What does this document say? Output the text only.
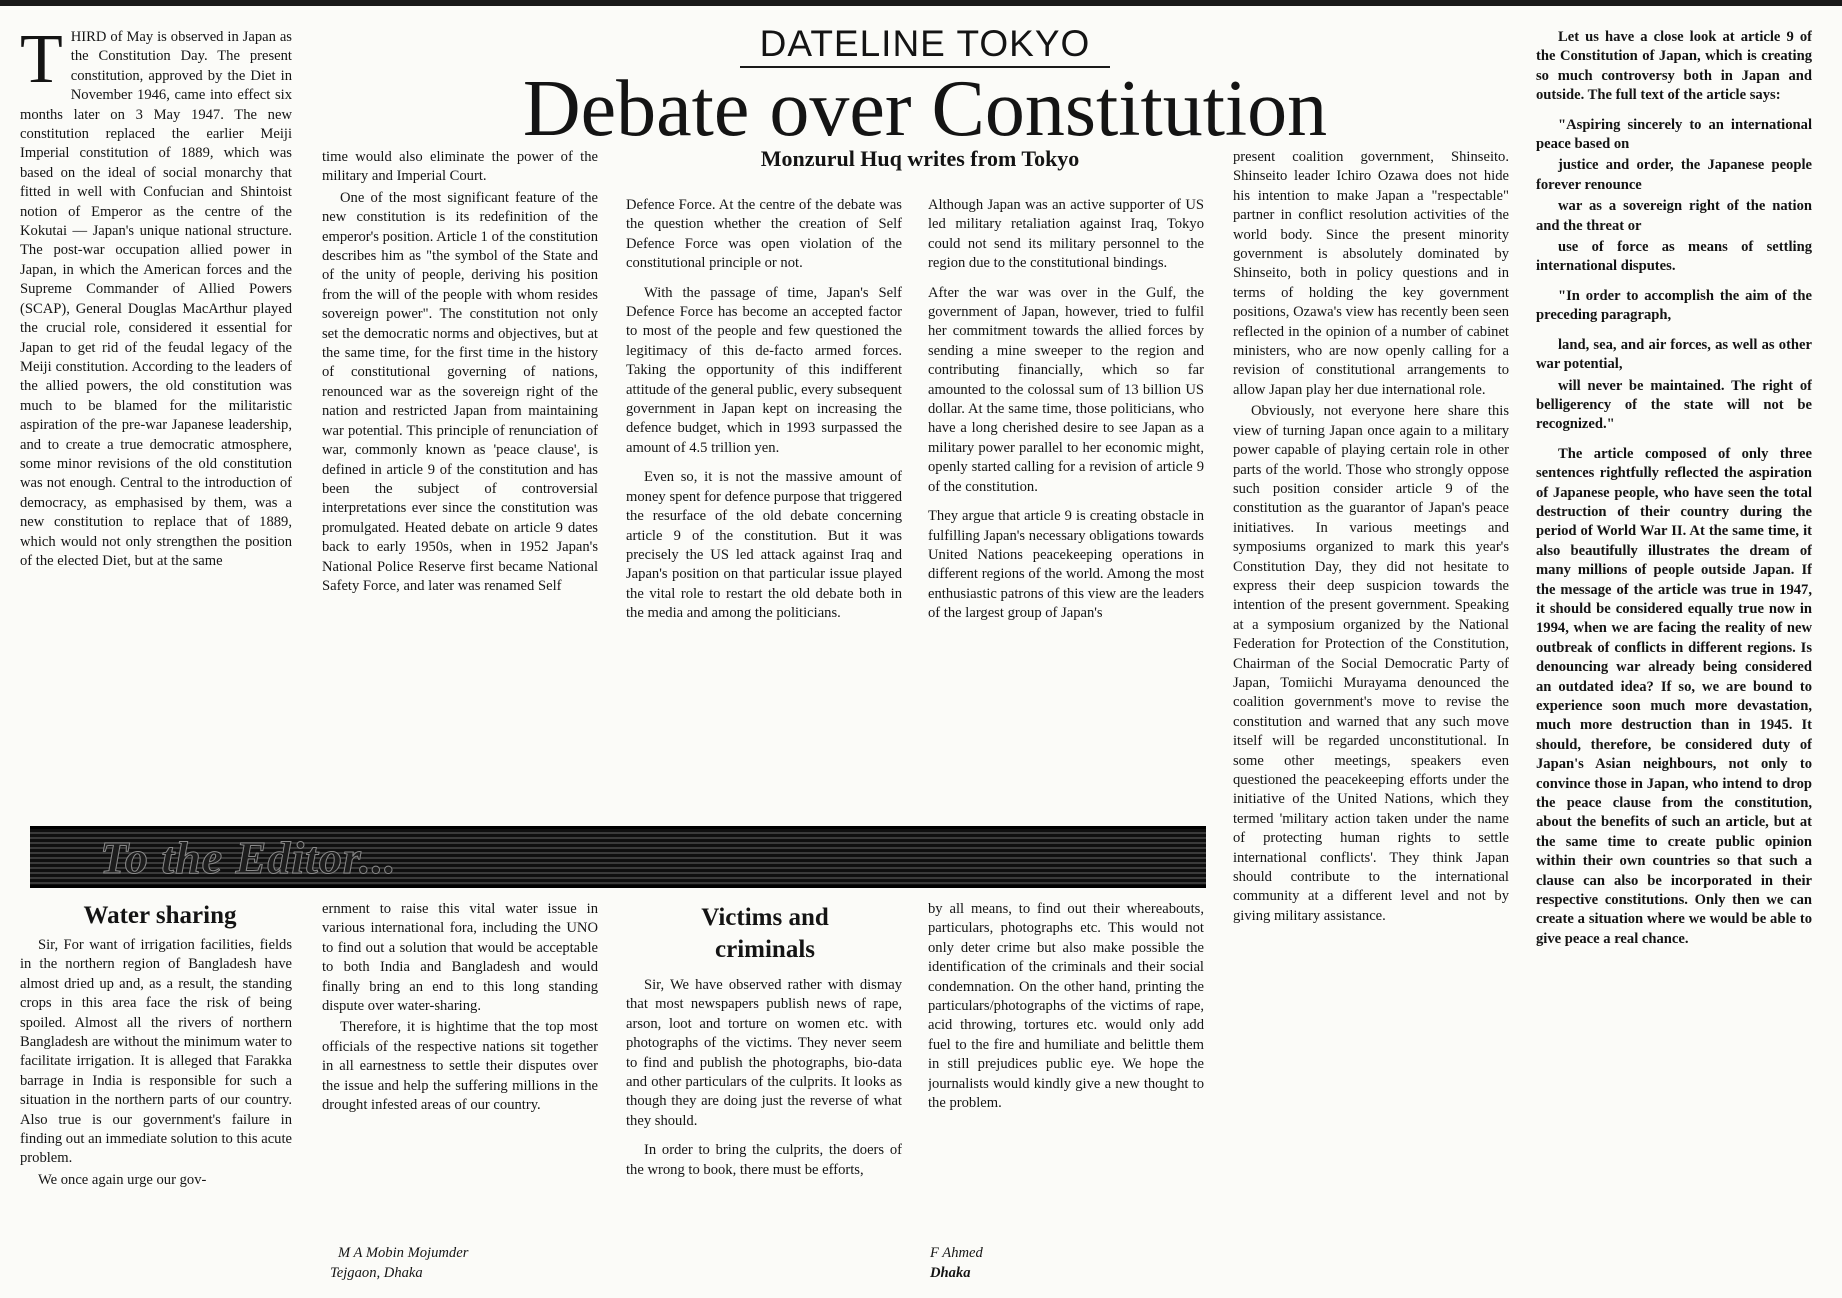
DATELINE TOKYO
Debate over Constitution
Monzurul Huq writes from Tokyo
T HIRD of May is observed in Japan as the Constitution Day. The present constitution, approved by the Diet in November 1946, came into effect six months later on 3 May 1947. The new constitution replaced the earlier Meiji Imperial constitution of 1889, which was based on the ideal of social monarchy that fitted in well with Confucian and Shintoist notion of Emperor as the centre of the Kokutai — Japan's unique national structure. The post-war occupation allied power in Japan, in which the American forces and the Supreme Commander of Allied Powers (SCAP), General Douglas MacArthur played the crucial role, considered it essential for Japan to get rid of the feudal legacy of the Meiji constitution. According to the leaders of the allied powers, the old constitution was much to be blamed for the militaristic aspiration of the pre-war Japanese leadership, and to create a true democratic atmosphere, some minor revisions of the old constitution was not enough. Central to the introduction of democracy, as emphasised by them, was a new constitution to replace that of 1889, which would not only strengthen the position of the elected Diet, but at the same

time would also eliminate the power of the military and Imperial Court.

One of the most significant feature of the new constitution is its redefinition of the emperor's position. Article 1 of the constitution describes him as "the symbol of the State and of the unity of people, deriving his position from the will of the people with whom resides sovereign power". The constitution not only set the democratic norms and objectives, but at the same time, for the first time in the history of constitutional governing of nations, renounced war as the sovereign right of the nation and restricted Japan from maintaining war potential. This principle of renunciation of war, commonly known as 'peace clause', is defined in article 9 of the constitution and has been the subject of controversial interpretations ever since the constitution was promulgated. Heated debate on article 9 dates back to early 1950s, when in 1952 Japan's National Police Reserve first became National Safety Force, and later was renamed Self

Defence Force. At the centre of the debate was the question whether the creation of Self Defence Force was open violation of the constitutional principle or not.

With the passage of time, Japan's Self Defence Force has become an accepted factor to most of the people and few questioned the legitimacy of this de-facto armed forces. Taking the opportunity of this indifferent attitude of the general public, every subsequent government in Japan kept on increasing the defence budget, which in 1993 surpassed the amount of 4.5 trillion yen.

Even so, it is not the massive amount of money spent for defence purpose that triggered the resurface of the old debate concerning article 9 of the constitution. But it was precisely the US led attack against Iraq and Japan's position on that particular issue played the vital role to restart the old debate both in the media and among the politicians.

Although Japan was an active supporter of US led military retaliation against Iraq, Tokyo could not send its military personnel to the region due to the constitutional bindings.

After the war was over in the Gulf, the government of Japan, however, tried to fulfil her commitment towards the allied forces by sending a mine sweeper to the region and contributing financially, which so far amounted to the colossal sum of 13 billion US dollar. At the same time, those politicians, who have a long cherished desire to see Japan as a military power parallel to her economic might, openly started calling for a revision of article 9 of the constitution.

They argue that article 9 is creating obstacle in fulfilling Japan's necessary obligations towards United Nations peacekeeping operations in different regions of the world. Among the most enthusiastic patrons of this view are the leaders of the largest group of Japan's

present coalition government, Shinseito. Shinseito leader Ichiro Ozawa does not hide his intention to make Japan a "respectable" partner in conflict resolution activities of the world body. Since the present minority government is absolutely dominated by Shinseito, both in policy questions and in terms of holding the key government positions, Ozawa's view has recently been seen reflected in the opinion of a number of cabinet ministers, who are now openly calling for a revision of constitutional arrangements to allow Japan play her due international role.

Obviously, not everyone here share this view of turning Japan once again to a military power capable of playing certain role in other parts of the world. Those who strongly oppose such position consider article 9 of the constitution as the guarantor of Japan's peace initiatives. In various meetings and symposiums organized to mark this year's Constitution Day, they did not hesitate to express their deep suspicion towards the intention of the present government. Speaking at a symposium organized by the National Federation for Protection of the Constitution, Chairman of the Social Democratic Party of Japan, Tomiichi Murayama denounced the coalition government's move to revise the constitution and warned that any such move itself will be regarded unconstitutional. In some other meetings, speakers even questioned the peacekeeping efforts under the initiative of the United Nations, which they termed 'military action taken under the name of protecting human rights to settle international conflicts'. They think Japan should contribute to the international community at a different level and not by giving military assistance.

Let us have a close look at article 9 of the Constitution of Japan, which is creating so much controversy both in Japan and outside. The full text of the article says:

"Aspiring sincerely to an international peace based on

justice and order, the Japanese people forever renounce

war as a sovereign right of the nation and the threat or

use of force as means of settling international disputes.

"In order to accomplish the aim of the preceding paragraph,

land, sea, and air forces, as well as other war potential,

will never be maintained. The right of belligerency of the state will not be recognized."

The article composed of only three sentences rightfully reflected the aspiration of Japanese people, who have seen the total destruction of their country during the period of World War II. At the same time, it also beautifully illustrates the dream of many millions of people outside Japan. If the message of the article was true in 1947, it should be considered equally true now in 1994, when we are facing the reality of new outbreak of conflicts in different regions. Is denouncing war already being considered an outdated idea? If so, we are bound to experience soon much more devastation, much more destruction than in 1945. It should, therefore, be considered duty of Japan's Asian neighbours, not only to convince those in Japan, who intend to drop the peace clause from the constitution, about the benefits of such an article, but at the same time to create public opinion within their own countries so that such a clause can also be incorporated in their respective constitutions. Only then we can create a situation where we would be able to give peace a real chance.

To the Editor...
Water sharing

Sir, For want of irrigation facilities, fields in the northern region of Bangladesh have almost dried up and, as a result, the standing crops in this area face the risk of being spoiled. Almost all the rivers of northern Bangladesh are without the minimum water to facilitate irrigation. It is alleged that Farakka barrage in India is responsible for such a situation in the northern parts of our country. Also true is our government's failure in finding out an immediate solution to this acute problem.

We once again urge our gov-

ernment to raise this vital water issue in various international fora, including the UNO to find out a solution that would be acceptable to both India and Bangladesh and would finally bring an end to this long standing dispute over water-sharing.

Therefore, it is hightime that the top most officials of the respective nations sit together in all earnestness to settle their disputes over the issue and help the suffering millions in the drought infested areas of our country.

M A Mobin Mojumder
Tejgaon, Dhaka
Victims and criminals

Sir, We have observed rather with dismay that most newspapers publish news of rape, arson, loot and torture on women etc. with photographs of the victims. They never seem to find and publish the photographs, bio-data and other particulars of the culprits. It looks as though they are doing just the reverse of what they should.

In order to bring the culprits, the doers of the wrong to book, there must be efforts,

by all means, to find out their whereabouts, particulars, photographs etc. This would not only deter crime but also make possible the identification of the criminals and their social condemnation. On the other hand, printing the particulars/photographs of the victims of rape, acid throwing, tortures etc. would only add fuel to the fire and humiliate and belittle them in still prejudices public eye. We hope the journalists would kindly give a new thought to the problem.

F Ahmed
Dhaka
